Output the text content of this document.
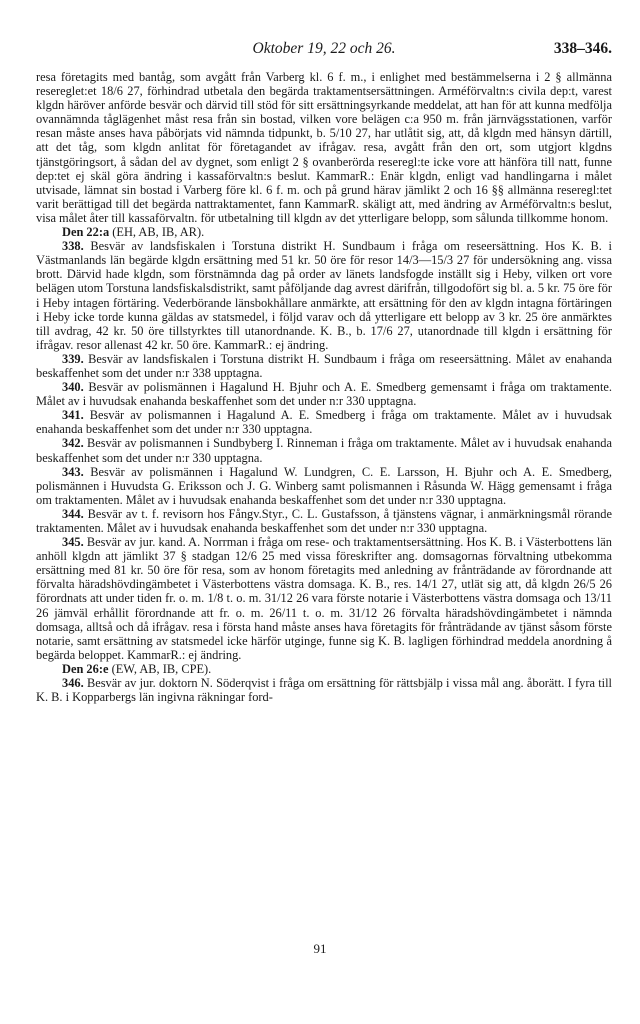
Oktober 19, 22 och 26.	338–346.

resa företagits med bantåg, som avgått från Varberg kl. 6 f. m., i enlighet med bestämmelserna i 2 § allmänna resereglet:et 18/6 27, förhindrad utbetala den begärda traktamentsersättningen. Arméförvaltn:s civila dep:t, varest klgdn häröver anförde besvär och därvid till stöd för sitt ersättningsyrkande meddelat, att han för att kunna medfölja ovannämnda tåglägenhet måst resa från sin bostad, vilken vore belägen c:a 950 m. från järnvägsstationen, varför resan måste anses hava påbörjats vid nämnda tidpunkt, b. 5/10 27, har utlåtit sig, att, då klgdn med hänsyn därtill, att det tåg, som klgdn anlitat för företagandet av ifrågav. resa, avgått från den ort, som utgjort klgdns tjänstgöringsort, å sådan del av dygnet, som enligt 2 § ovanberörda reseregl:te icke vore att hänföra till natt, funne dep:tet ej skäl göra ändring i kassaförvaltn:s beslut. KammarR.: Enär klgdn, enligt vad handlingarna i målet utvisade, lämnat sin bostad i Varberg före kl. 6 f. m. och på grund härav jämlikt 2 och 16 §§ allmänna reseregl:tet varit berättigad till det begärda nattraktamentet, fann KammarR. skäligt att, med ändring av Arméförvaltn:s beslut, visa målet åter till kassaförvaltn. för utbetalning till klgdn av det ytterligare belopp, som sålunda tillkomme honom.

Den 22:a (EH, AB, IB, AR).

338. Besvär av landsfiskalen i Torstuna distrikt H. Sundbaum i fråga om reseersättning. Hos K. B. i Västmanlands län begärde klgdn ersättning med 51 kr. 50 öre för resor 14/3—15/3 27 för undersökning ang. vissa brott. Därvid hade klgdn, som förstnämnda dag på order av länets landsfogde inställt sig i Heby, vilken ort vore belägen utom Torstuna landsfiskalsdistrikt, samt påföljande dag avrest därifrån, tillgodofört sig bl. a. 5 kr. 75 öre för i Heby intagen förtäring. Vederbörande länsbokhållare anmärkte, att ersättning för den av klgdn intagna förtäringen i Heby icke torde kunna gäldas av statsmedel, i följd varav och då ytterligare ett belopp av 3 kr. 25 öre anmärktes till avdrag, 42 kr. 50 öre tillstyrktes till utanordnande. K. B., b. 17/6 27, utanordnade till klgdn i ersättning för ifrågav. resor allenast 42 kr. 50 öre. KammarR.: ej ändring.

339. Besvär av landsfiskalen i Torstuna distrikt H. Sundbaum i fråga om reseersättning. Målet av enahanda beskaffenhet som det under n:r 338 upptagna.

340. Besvär av polismännen i Hagalund H. Bjuhr och A. E. Smedberg gemensamt i fråga om traktamente. Målet av i huvudsak enahanda beskaffenhet som det under n:r 330 upptagna.

341. Besvär av polismannen i Hagalund A. E. Smedberg i fråga om traktamente. Målet av i huvudsak enahanda beskaffenhet som det under n:r 330 upptagna.

342. Besvär av polismannen i Sundbyberg I. Rinneman i fråga om traktamente. Målet av i huvudsak enahanda beskaffenhet som det under n:r 330 upptagna.

343. Besvär av polismännen i Hagalund W. Lundgren, C. E. Larsson, H. Bjuhr och A. E. Smedberg, polismännen i Huvudsta G. Eriksson och J. G. Winberg samt polismannen i Råsunda W. Hägg gemensamt i fråga om traktamenten. Målet av i huvudsak enahanda beskaffenhet som det under n:r 330 upptagna.

344. Besvär av t. f. revisorn hos Fångv.Styr., C. L. Gustafsson, å tjänstens vägnar, i anmärkningsmål rörande traktamenten. Målet av i huvudsak enahanda beskaffenhet som det under n:r 330 upptagna.

345. Besvär av jur. kand. A. Norrman i fråga om rese- och traktamentsersättning. Hos K. B. i Västerbottens län anhöll klgdn att jämlikt 37 § stadgan 12/6 25 med vissa föreskrifter ang. domsagornas förvaltning utbekomma ersättning med 81 kr. 50 öre för resa, som av honom företagits med anledning av frånträdande av förordnande att förvalta häradshövdingämbetet i Västerbottens västra domsaga. K. B., res. 14/1 27, utlät sig att, då klgdn 26/5 26 förordnats att under tiden fr. o. m. 1/8 t. o. m. 31/12 26 vara förste notarie i Västerbottens västra domsaga och 13/11 26 jämväl erhållit förordnande att fr. o. m. 26/11 t. o. m. 31/12 26 förvalta häradshövdingämbetet i nämnda domsaga, alltså och då ifrågav. resa i första hand måste anses hava företagits för frånträdande av tjänst såsom förste notarie, samt ersättning av statsmedel icke härför utginge, funne sig K. B. lagligen förhindrad meddela anordning å begärda beloppet. KammarR.: ej ändring.

Den 26:e (EW, AB, IB, CPE).

346. Besvär av jur. doktorn N. Söderqvist i fråga om ersättning för rättsbjälp i vissa mål ang. åborätt. I fyra till K. B. i Kopparbergs län ingivna räkningar ford-

91
